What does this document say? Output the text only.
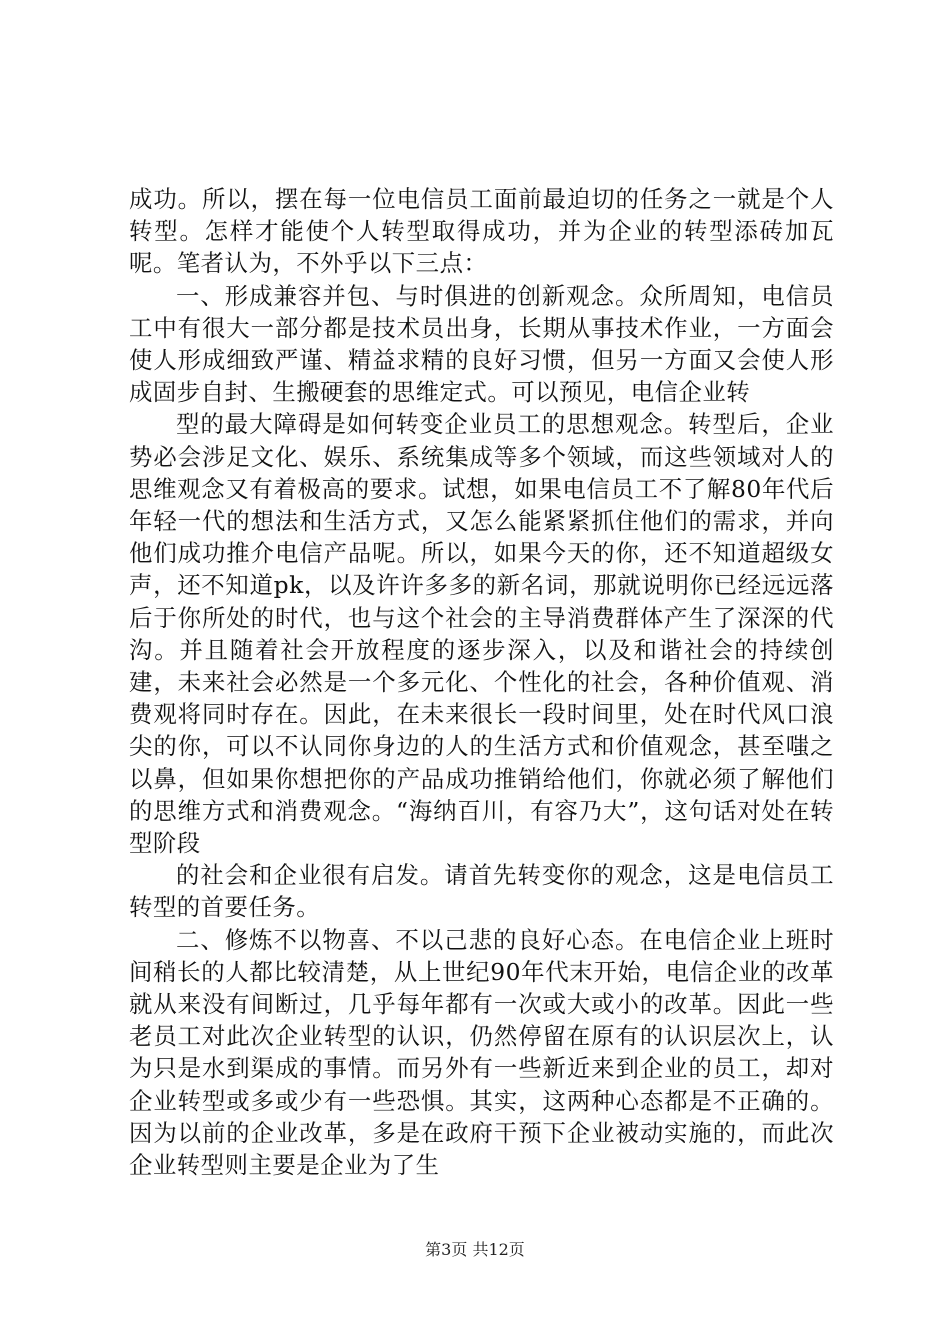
成功。所以，摆在每一位电信员工面前最迫切的任务之一就是个人转型。怎样才能使个人转型取得成功，并为企业的转型添砖加瓦呢。笔者认为，不外乎以下三点：

一、形成兼容并包、与时俱进的创新观念。众所周知，电信员工中有很大一部分都是技术员出身，长期从事技术作业，一方面会使人形成细致严谨、精益求精的良好习惯，但另一方面又会使人形成固步自封、生搬硬套的思维定式。可以预见，电信企业转

型的最大障碍是如何转变企业员工的思想观念。转型后，企业势必会涉足文化、娱乐、系统集成等多个领域，而这些领域对人的思维观念又有着极高的要求。试想，如果电信员工不了解80年代后年轻一代的想法和生活方式，又怎么能紧紧抓住他们的需求，并向他们成功推介电信产品呢。所以，如果今天的你，还不知道超级女声，还不知道pk，以及许许多多的新名词，那就说明你已经远远落后于你所处的时代，也与这个社会的主导消费群体产生了深深的代沟。并且随着社会开放程度的逐步深入，以及和谐社会的持续创建，未来社会必然是一个多元化、个性化的社会，各种价值观、消费观将同时存在。因此，在未来很长一段时间里，处在时代风口浪尖的你，可以不认同你身边的人的生活方式和价值观念，甚至嗤之以鼻，但如果你想把你的产品成功推销给他们，你就必须了解他们的思维方式和消费观念。“海纳百川，有容乃大”，这句话对处在转型阶段

的社会和企业很有启发。请首先转变你的观念，这是电信员工转型的首要任务。

二、修炼不以物喜、不以己悲的良好心态。在电信企业上班时间稍长的人都比较清楚，从上世纪90年代末开始，电信企业的改革就从来没有间断过，几乎每年都有一次或大或小的改革。因此一些老员工对此次企业转型的认识，仍然停留在原有的认识层次上，认为只是水到渠成的事情。而另外有一些新近来到企业的员工，却对企业转型或多或少有一些恐惧。其实，这两种心态都是不正确的。因为以前的企业改革，多是在政府干预下企业被动实施的，而此次企业转型则主要是企业为了生

第3页 共12页
